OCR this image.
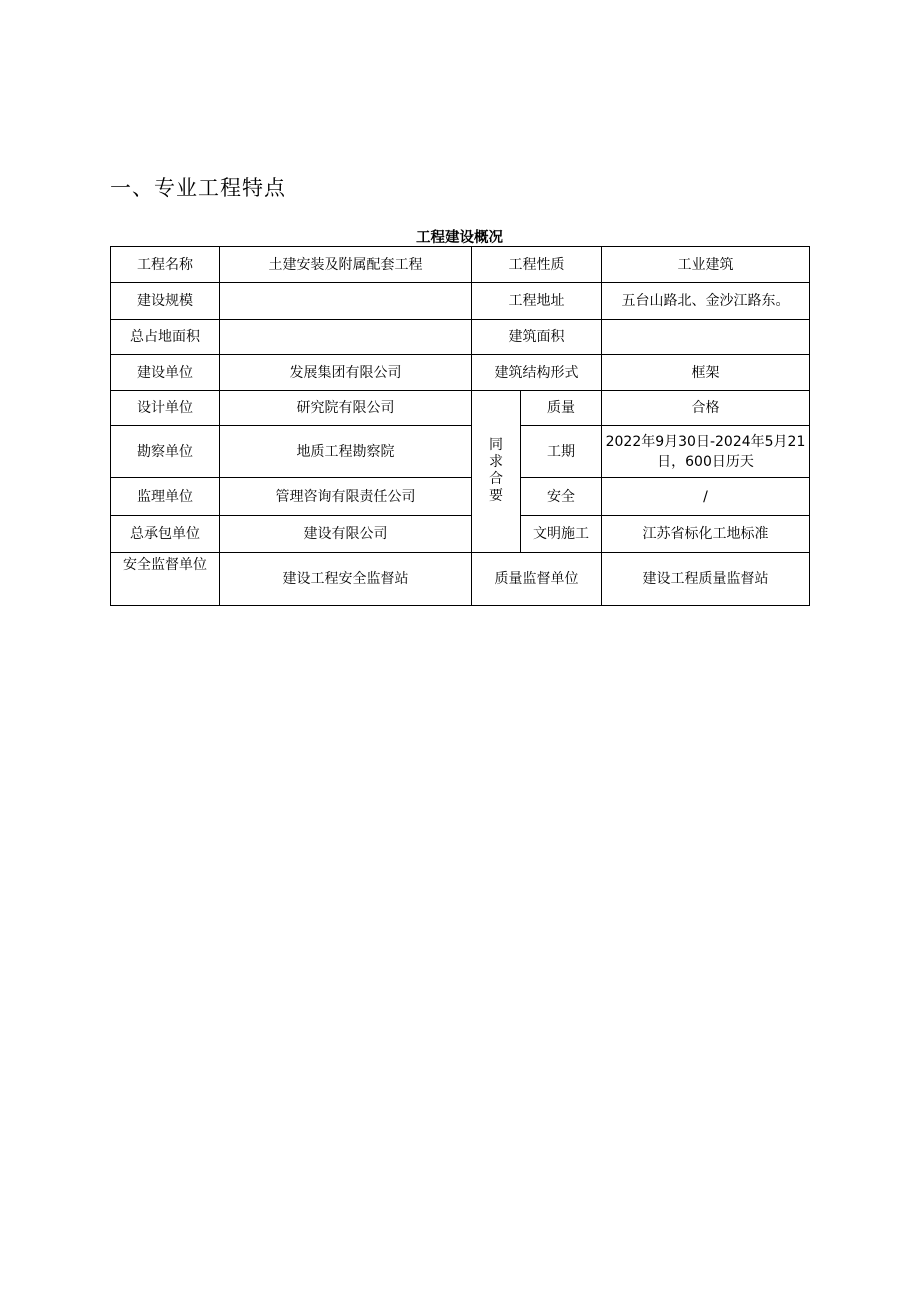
一、专业工程特点
工程建设概况
工程名称	土建安装及附属配套工程	工程性质		工业建筑
建设规模		工程地址		五台山路北、金沙江路东。
总占地面积		建筑面积		
建设单位	发展集团有限公司	建筑结构形式		框架
设计单位	研究院有限公司	同求合要	质量	合格
勘察单位	地质工程勘察院		工期	2022年9月30日-2024年5月21日，600日历天
监理单位	管理咨询有限责任公司		安全	/
总承包单位	建设有限公司		文明施工	江苏省标化工地标准
安全监督单位	建设工程安全监督站	质量监督单位		建设工程质量监督站
